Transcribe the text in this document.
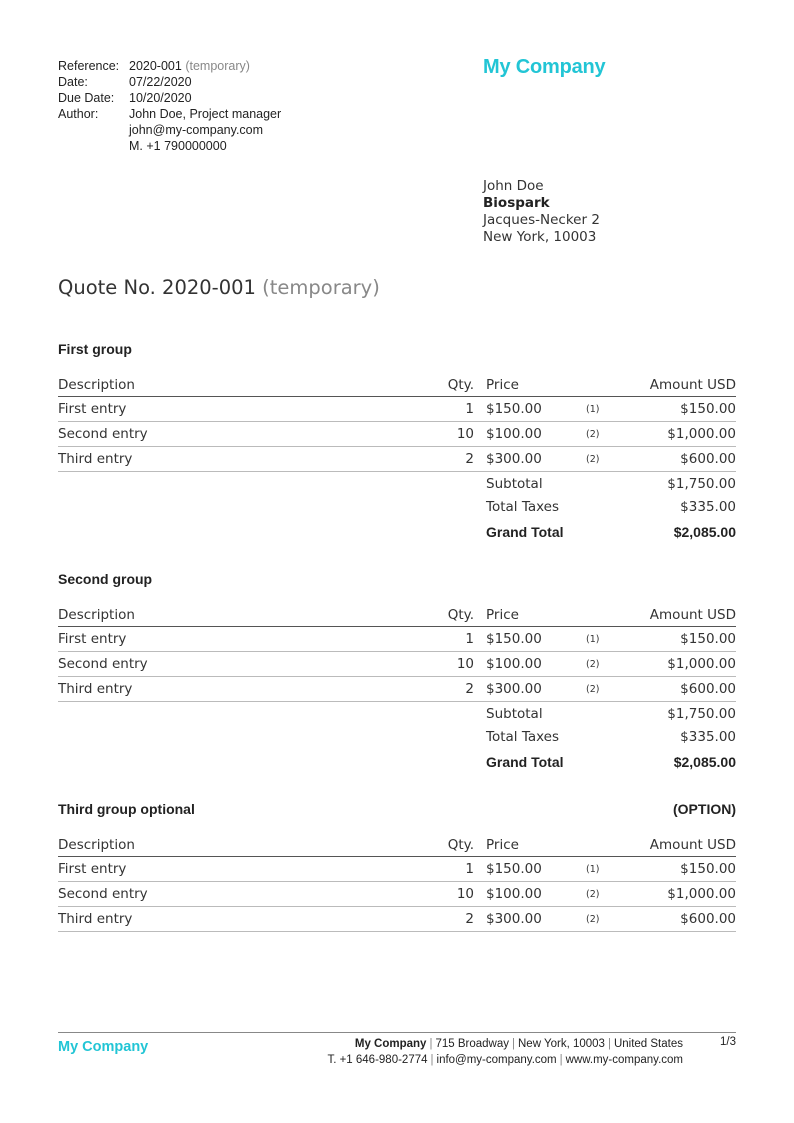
Reference: 2020-001 (temporary)
Date:	07/22/2020
Due Date:	10/20/2020
Author:	John Doe, Project manager
john@my-company.com
M. +1 790000000
My Company
John Doe
Biospark
Jacques-Necker 2
New York, 10003
Quote No. 2020-001 (temporary)
First group
Description	Qty.	Price		Amount USD
First entry	1	$150.00	(1)	$150.00
Second entry	10	$100.00	(2)	$1,000.00
Third entry	2	$300.00	(2)	$600.00
		Subtotal		$1,750.00
		Total Taxes		$335.00
		Grand Total		$2,085.00
Second group
Description	Qty.	Price		Amount USD
First entry	1	$150.00	(1)	$150.00
Second entry	10	$100.00	(2)	$1,000.00
Third entry	2	$300.00	(2)	$600.00
		Subtotal		$1,750.00
		Total Taxes		$335.00
		Grand Total		$2,085.00
Third group optional	(OPTION)
Description	Qty.	Price		Amount USD
First entry	1	$150.00	(1)	$150.00
Second entry	10	$100.00	(2)	$1,000.00
Third entry	2	$300.00	(2)	$600.00
My Company	My Company | 715 Broadway | New York, 10003 | United States
T. +1 646-980-2774 | info@my-company.com | www.my-company.com
1/3
